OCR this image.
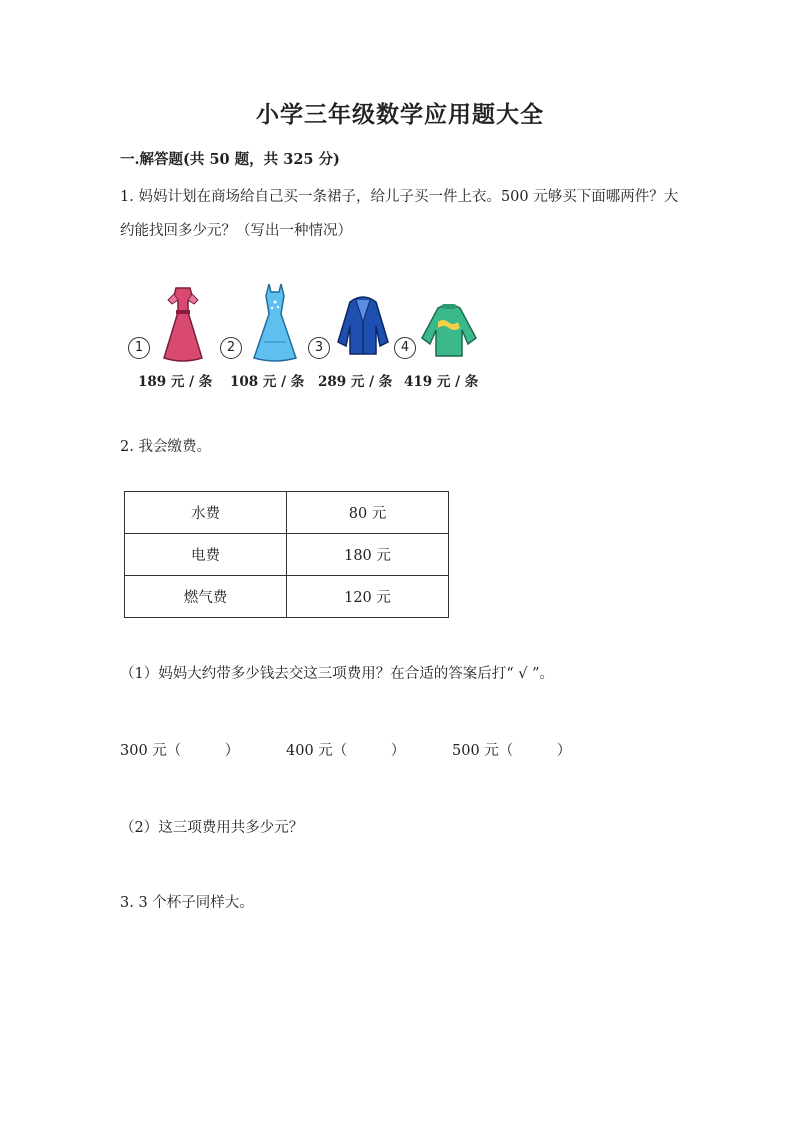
小学三年级数学应用题大全
一.解答题(共 50 题，共 325 分)
1. 妈妈计划在商场给自己买一条裙子，给儿子买一件上衣。500 元够买下面哪两件？大约能找回多少元？（写出一种情况）
1
189 元 / 条
2
108 元 / 条
3
289 元 / 条
4
419 元 / 条
2. 我会缴费。
水费	80 元
电费	180 元
燃气费	120 元
（1）妈妈大约带多少钱去交这三项费用？在合适的答案后打“ √ ”。
300 元（　　　）	400 元（　　　）	500 元（　　　）
（2）这三项费用共多少元？
3. 3 个杯子同样大。
